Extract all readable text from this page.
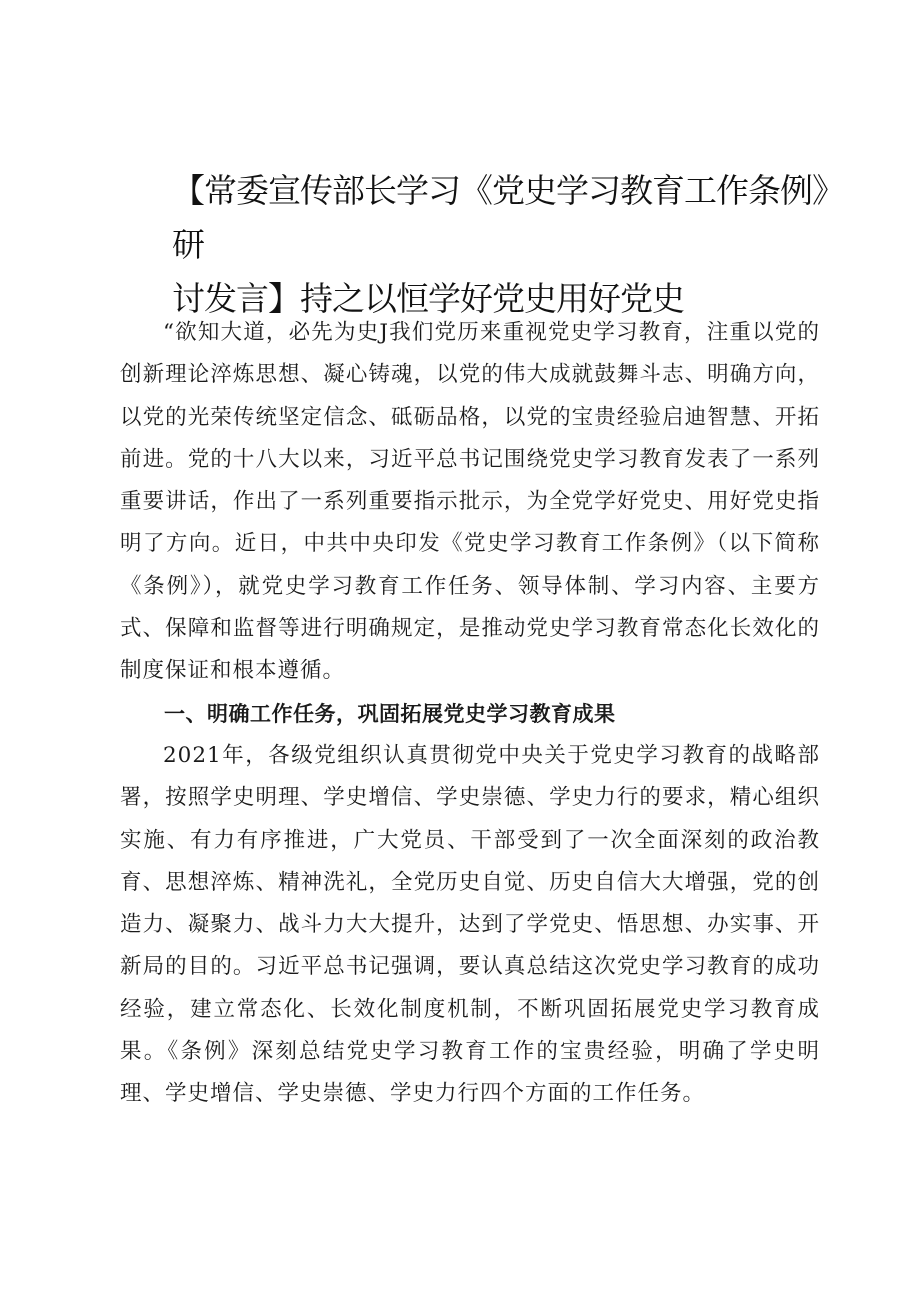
【常委宣传部长学习《党史学习教育工作条例》研
讨发言】持之以恒学好党史用好党史

“欲知大道，必先为史J我们党历来重视党史学习教育，注重以党的创新理论淬炼思想、凝心铸魂，以党的伟大成就鼓舞斗志、明确方向，以党的光荣传统坚定信念、砥砺品格，以党的宝贵经验启迪智慧、开拓前进。党的十八大以来，习近平总书记围绕党史学习教育发表了一系列重要讲话，作出了一系列重要指示批示，为全党学好党史、用好党史指明了方向。近日，中共中央印发《党史学习教育工作条例》（以下简称《条例》），就党史学习教育工作任务、领导体制、学习内容、主要方式、保障和监督等进行明确规定，是推动党史学习教育常态化长效化的制度保证和根本遵循。

一、明确工作任务，巩固拓展党史学习教育成果

2021年，各级党组织认真贯彻党中央关于党史学习教育的战略部署，按照学史明理、学史增信、学史崇德、学史力行的要求，精心组织实施、有力有序推进，广大党员、干部受到了一次全面深刻的政治教育、思想淬炼、精神洗礼，全党历史自觉、历史自信大大增强，党的创造力、凝聚力、战斗力大大提升，达到了学党史、悟思想、办实事、开新局的目的。习近平总书记强调，要认真总结这次党史学习教育的成功经验，建立常态化、长效化制度机制，不断巩固拓展党史学习教育成果。《条例》深刻总结党史学习教育工作的宝贵经验，明确了学史明理、学史增信、学史崇德、学史力行四个方面的工作任务。
